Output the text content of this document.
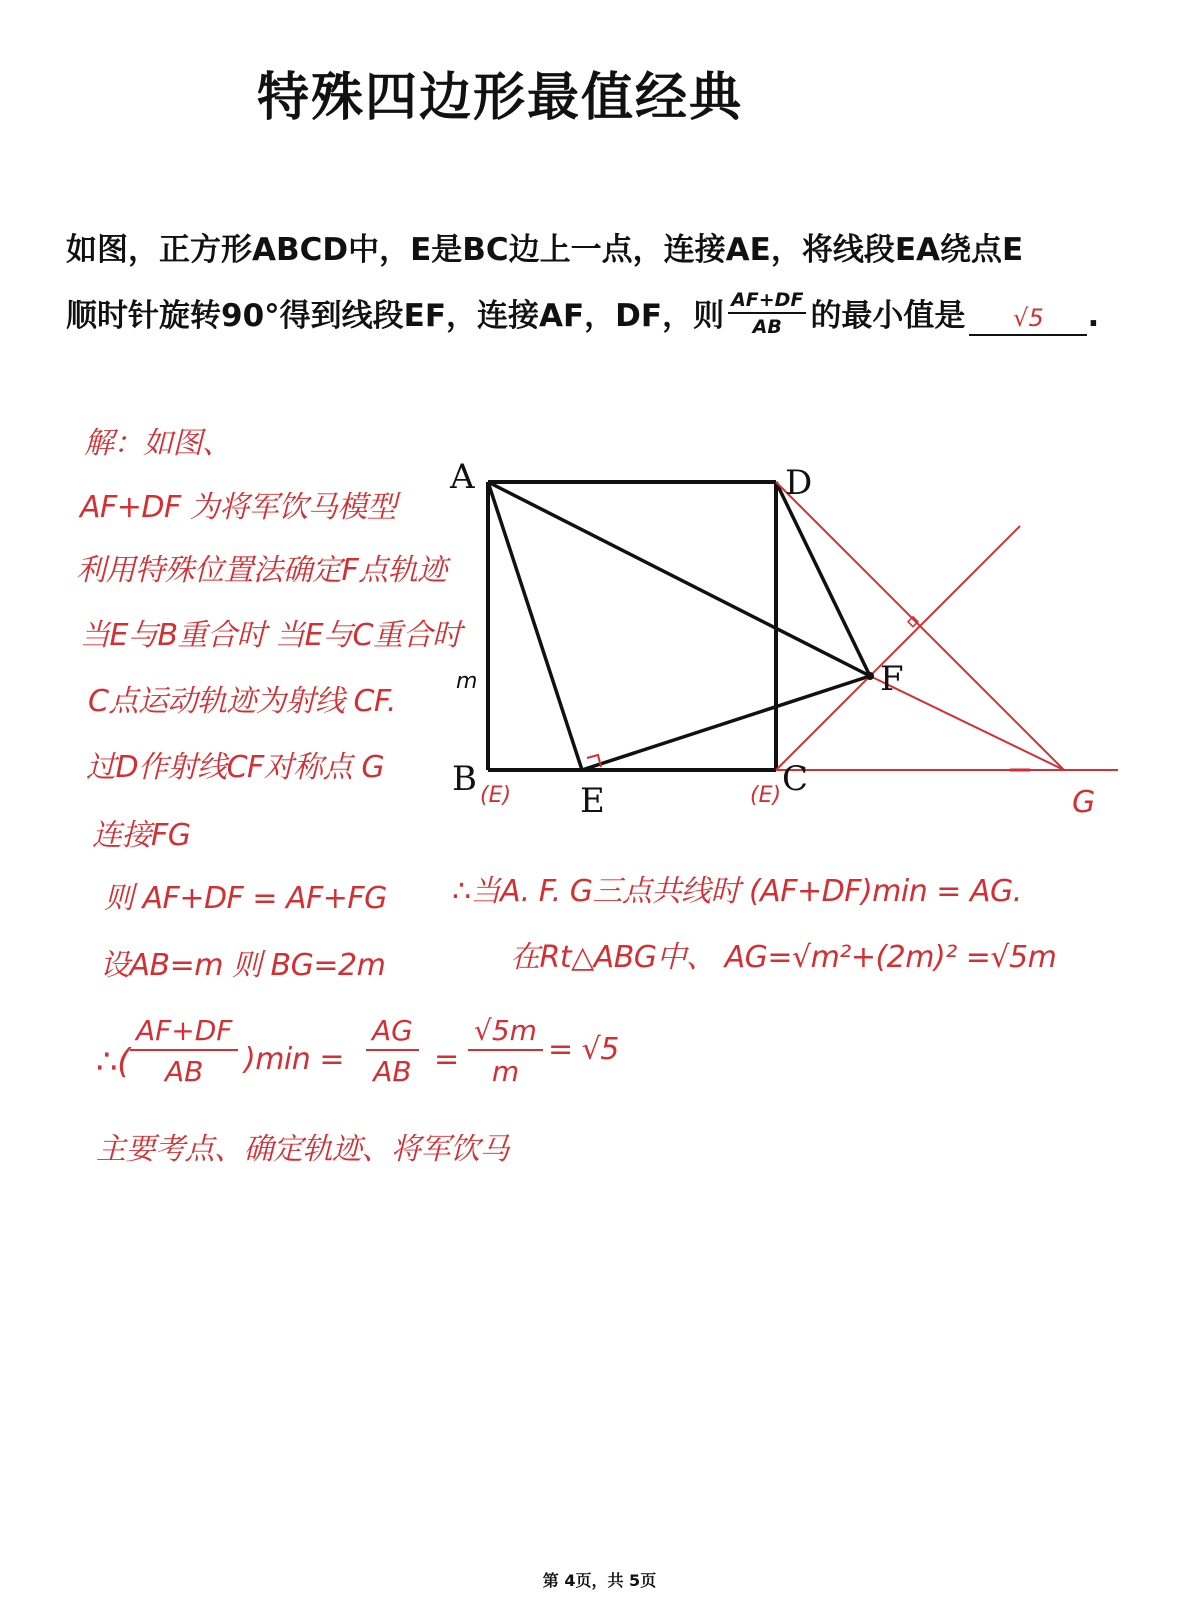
特殊四边形最值经典
如图，正方形ABCD中，E是BC边上一点，连接AE，将线段EA绕点E
顺时针旋转90°得到线段EF，连接AF，DF，则 $\frac{AF+DF}{AB}$ 的最小值是 √5 .
解：如图、
AF+DF 为将军饮马模型
利用特殊位置法确定F点轨迹
当E与B重合时 当E与C重合时
C点运动轨迹为射线 CF.
过D作射线CF对称点 G
连接FG
则 AF+DF = AF+FG ∴当A. F. G三点共线时 (AF+DF)min = AG.
设AB=m 则 BG=2m	在Rt△ABG中、 AG=√m²+(2m)² =√5m
∴( $\frac{AF+DF}{AB} )\min = \frac{AG}{AB} = \frac{√5m}{m} = √5$
主要考点、确定轨迹、将军饮马
A	D
B	C
E
F
m
(E)	(E)	G
第 4页，共 5页
